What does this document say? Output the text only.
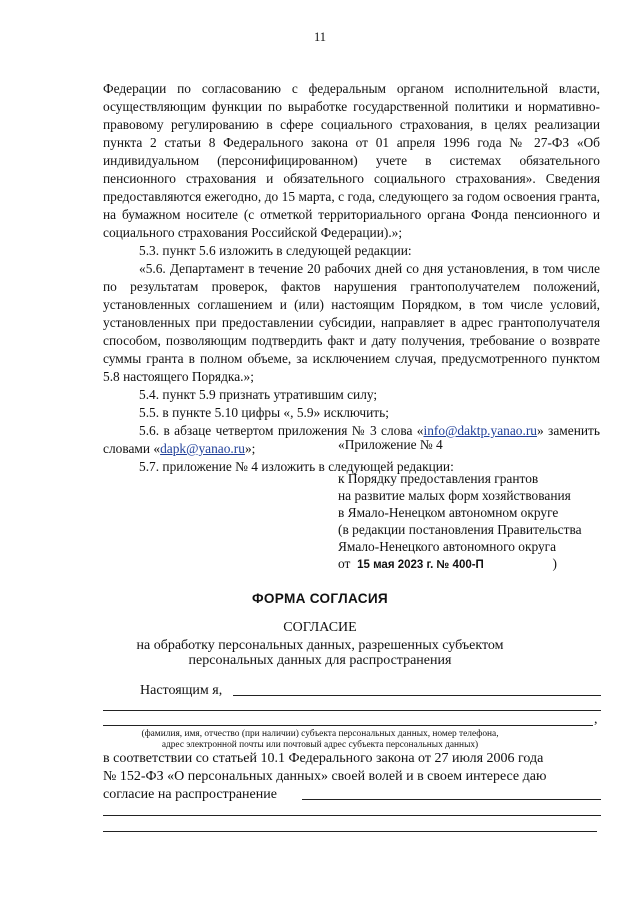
11

Федерации по согласованию с федеральным органом исполнительной власти, осуществляющим функции по выработке государственной политики и нормативно-правовому регулированию в сфере социального страхования, в целях реализации пункта 2 статьи 8 Федерального закона от 01 апреля 1996 года № 27-ФЗ «Об индивидуальном (персонифицированном) учете в системах обязательного пенсионного страхования и обязательного социального страхования». Сведения предоставляются ежегодно, до 15 марта, с года, следующего за годом освоения гранта, на бумажном носителе (с отметкой территориального органа Фонда пенсионного и социального страхования Российской Федерации).»;

5.3. пункт 5.6 изложить в следующей редакции:

«5.6. Департамент в течение 20 рабочих дней со дня установления, в том числе по результатам проверок, фактов нарушения грантополучателем положений, установленных соглашением и (или) настоящим Порядком, в том числе условий, установленных при предоставлении субсидии, направляет в адрес грантополучателя способом, позволяющим подтвердить факт и дату получения, требование о возврате суммы гранта в полном объеме, за исключением случая, предусмотренного пунктом 5.8 настоящего Порядка.»;

5.4. пункт 5.9 признать утратившим силу;

5.5. в пункте 5.10 цифры «, 5.9» исключить;

5.6. в абзаце четвертом приложения № 3 слова «info@daktp.yanao.ru» заменить словами «dapk@yanao.ru»;

5.7. приложение № 4 изложить в следующей редакции:

«Приложение № 4
к Порядку предоставления грантов
на развитие малых форм хозяйствования
в Ямало-Ненецком автономном округе
(в редакции постановления Правительства
Ямало-Ненецкого автономного округа
от 15 мая 2023 г. № 400-П	)
ФОРМА СОГЛАСИЯ
СОГЛАСИЕ
на обработку персональных данных, разрешенных субъектом
персональных данных для распространения
Настоящим я,
,
(фамилия, имя, отчество (при наличии) субъекта персональных данных, номер телефона,
адрес электронной почты или почтовый адрес субъекта персональных данных)

в соответствии со статьей 10.1 Федерального закона от 27 июля 2006 года

№ 152-ФЗ «О персональных данных» своей волей и в своем интересе даю

согласие на распространение
